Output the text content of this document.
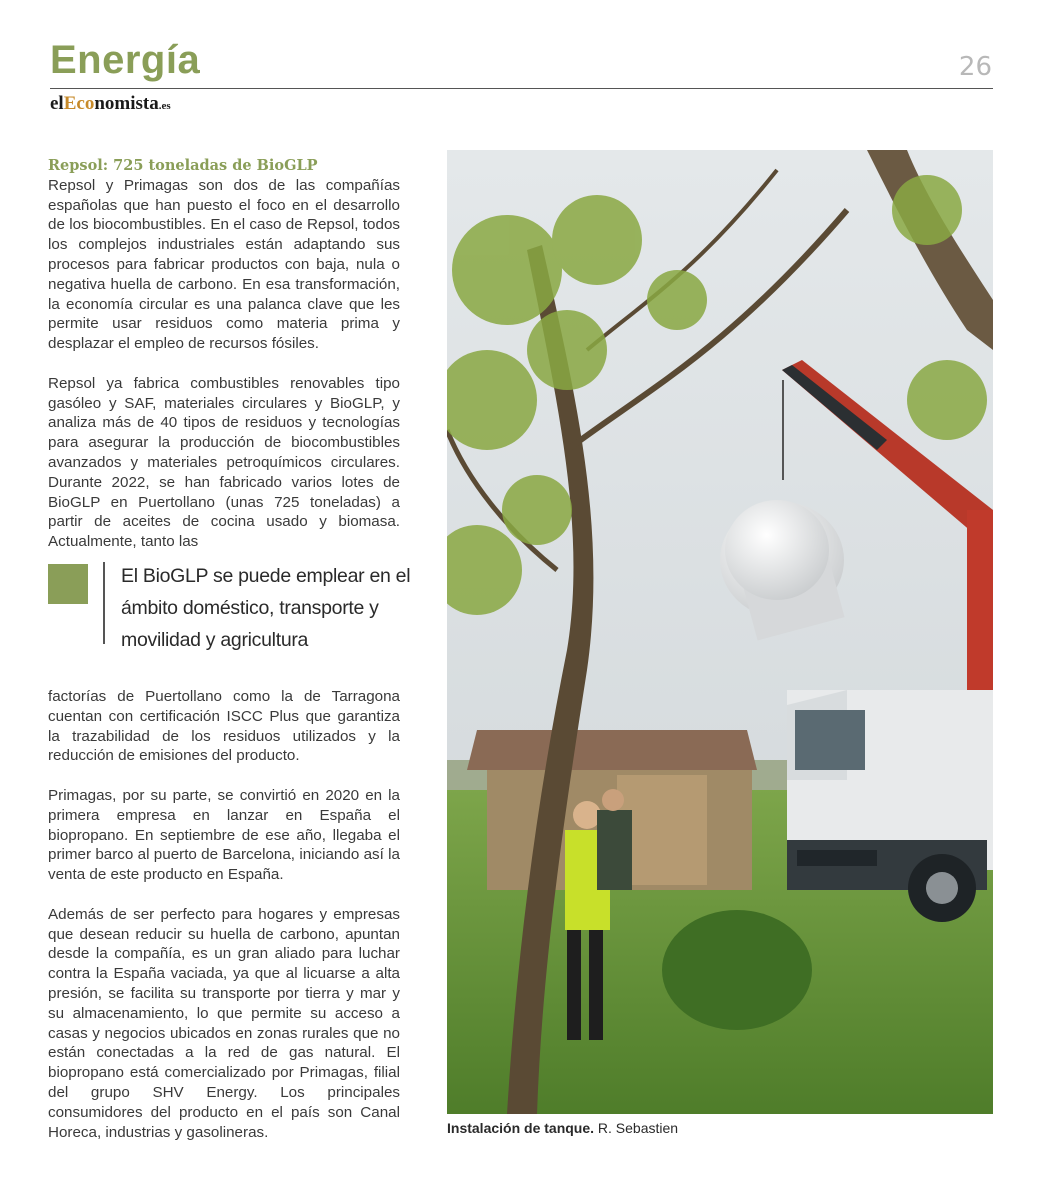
Energía	26
elEconomista.es
Repsol: 725 toneladas de BioGLP

Repsol y Primagas son dos de las compañías españolas que han puesto el foco en el desarrollo de los biocombustibles. En el caso de Repsol, todos los complejos industriales están adaptando sus procesos para fabricar productos con baja, nula o negativa huella de carbono. En esa transformación, la economía circular es una palanca clave que les permite usar residuos como materia prima y desplazar el empleo de recursos fósiles.

Repsol ya fabrica combustibles renovables tipo gasóleo y SAF, materiales circulares y BioGLP, y analiza más de 40 tipos de residuos y tecnologías para asegurar la producción de biocombustibles avanzados y materiales petroquímicos circulares. Durante 2022, se han fabricado varios lotes de BioGLP en Puertollano (unas 725 toneladas) a partir de aceites de cocina usado y biomasa. Actualmente, tanto las

El BioGLP se puede emplear en el ámbito doméstico, transporte y movilidad y agricultura

factorías de Puertollano como la de Tarragona cuentan con certificación ISCC Plus que garantiza la trazabilidad de los residuos utilizados y la reducción de emisiones del producto.

Primagas, por su parte, se convirtió en 2020 en la primera empresa en lanzar en España el biopropano. En septiembre de ese año, llegaba el primer barco al puerto de Barcelona, iniciando así la venta de este producto en España.

Además de ser perfecto para hogares y empresas que desean reducir su huella de carbono, apuntan desde la compañía, es un gran aliado para luchar contra la España vaciada, ya que al licuarse a alta presión, se facilita su transporte por tierra y mar y su almacenamiento, lo que permite su acceso a casas y negocios ubicados en zonas rurales que no están conectadas a la red de gas natural. El biopropano está comercializado por Primagas, filial del grupo SHV Energy. Los principales consumidores del producto en el país son Canal Horeca, industrias y gasolineras.	Instalación de tanque. R. Sebastien
